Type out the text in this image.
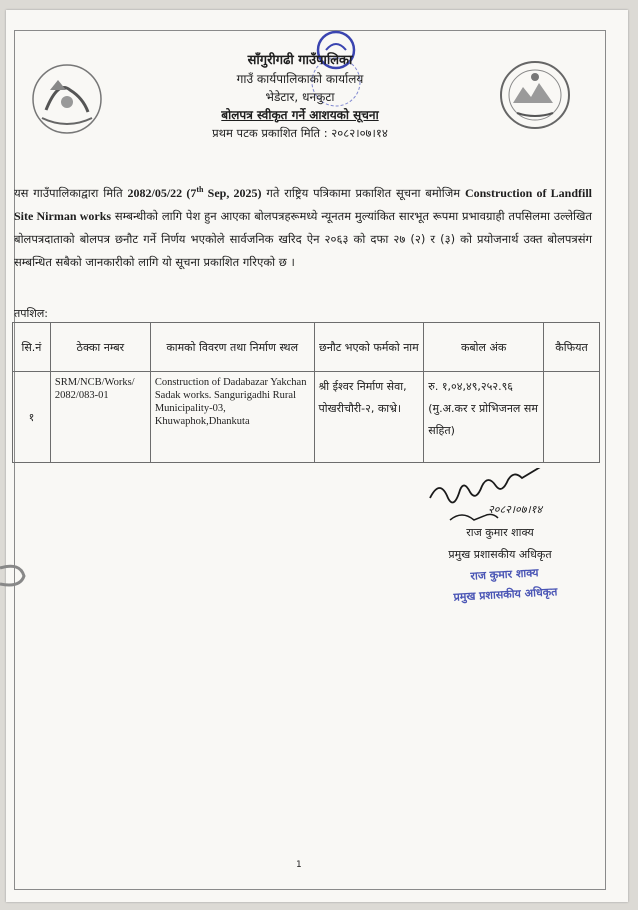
साँगुरीगढी गाउँपालिका
गाउँ कार्यपालिकाको कार्यालय
भेडेटार, धनकुटा
बोलपत्र स्वीकृत गर्ने आशयको सूचना
प्रथम पटक प्रकाशित मिति : २०८२।०७।१४
यस गाउँपालिकाद्वारा मिति 2082/05/22 (7th Sep, 2025) गते राष्ट्रिय पत्रिकामा प्रकाशित सूचना बमोजिम Construction of Landfill Site Nirman works सम्बन्धीको लागि पेश हुन आएका बोलपत्रहरूमध्ये न्यूनतम मुल्यांकित सारभूत रूपमा प्रभावग्राही तपसिलमा उल्लेखित बोलपत्रदाताको बोलपत्र छनौट गर्ने निर्णय भएकोले सार्वजनिक खरिद ऐन २०६३ को दफा २७ (२) र (३) को प्रयोजनार्थ उक्त बोलपत्रसंग सम्बन्धित सबैको जानकारीको लागि यो सूचना प्रकाशित गरिएको छ ।
तपशिल:
सि.नं	ठेक्का नम्बर	कामको विवरण तथा निर्माण स्थल	छनौट भएको फर्मको नाम	कबोल अंक	कैफियत
१	SRM/NCB/Works/ 2082/083-01	Construction of Dadabazar Yakchan Sadak works. Sangurigadhi Rural Municipality-03, Khuwaphok,Dhankuta	श्री ईश्वर निर्माण सेवा, पोखरीचौरी-२, काभ्रे।	रु. १,०४,४९,२५२.९६ (मु.अ.कर र प्रोभिजनल सम सहित)	
२०८२।०७।१४
राज कुमार शाक्य
प्रमुख प्रशासकीय अधिकृत
राज कुमार शाक्य
प्रमुख प्रशासकीय अधिकृत
1
